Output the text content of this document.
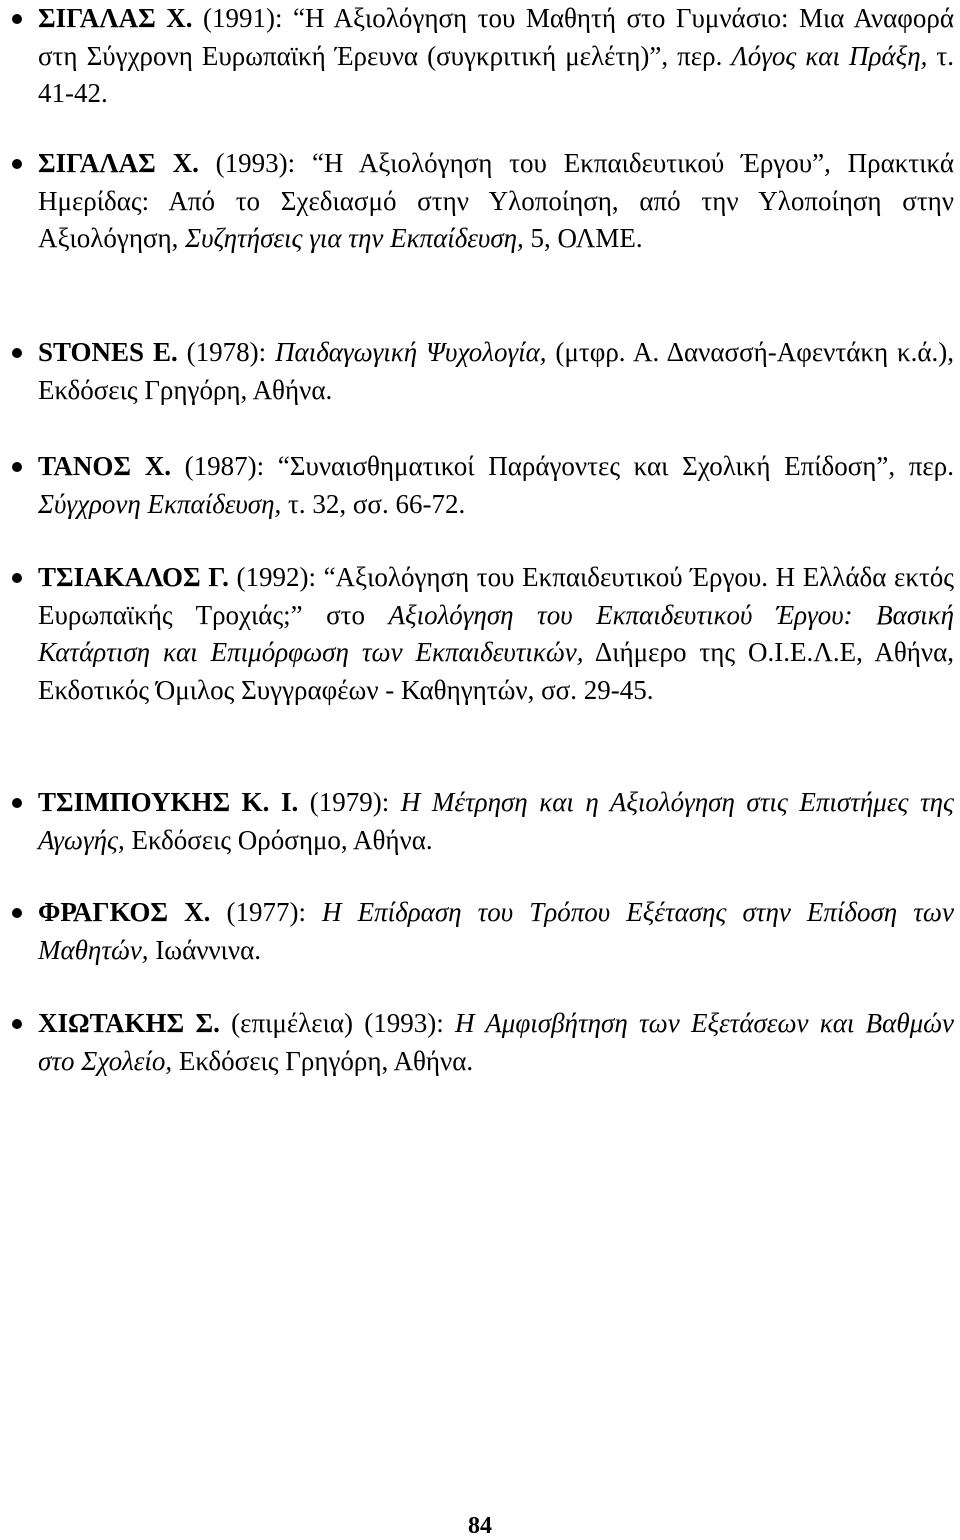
ΣΙΓΑΛΑΣ Χ. (1991): “Η Αξιολόγηση του Μαθητή στο Γυμνάσιο: Μια Αναφορά στη Σύγχρονη Ευρωπαϊκή Έρευνα (συγκριτική μελέτη)”, περ. Λόγος και Πράξη, τ. 41-42.
ΣΙΓΑΛΑΣ Χ. (1993): “Η Αξιολόγηση του Εκπαιδευτικού Έργου”, Πρακτικά Ημερίδας: Από το Σχεδιασμό στην Υλοποίηση, από την Υλοποίηση στην Αξιολόγηση, Συζητήσεις για την Εκπαίδευση, 5, ΟΛΜΕ.
STONES E. (1978): Παιδαγωγική Ψυχολογία, (μτφρ. Α. Δανασσή-Αφεντάκη κ.ά.), Εκδόσεις Γρηγόρη, Αθήνα.
ΤΑΝΟΣ Χ. (1987): “Συναισθηματικοί Παράγοντες και Σχολική Επίδοση”, περ. Σύγχρονη Εκπαίδευση, τ. 32, σσ. 66-72.
ΤΣΙΑΚΑΛΟΣ Γ. (1992): “Αξιολόγηση του Εκπαιδευτικού Έργου. Η Ελλάδα εκτός Ευρωπαϊκής Τροχιάς;” στο Αξιολόγηση του Εκπαιδευτικού Έργου: Βασική Κατάρτιση και Επιμόρφωση των Εκπαιδευτικών, Διήμερο της Ο.Ι.Ε.Λ.Ε, Αθήνα, Εκδοτικός Όμιλος Συγγραφέων - Καθηγητών, σσ. 29-45.
ΤΣΙΜΠΟΥΚΗΣ Κ. Ι. (1979): Η Μέτρηση και η Αξιολόγηση στις Επιστήμες της Αγωγής, Εκδόσεις Ορόσημο, Αθήνα.
ΦΡΑΓΚΟΣ Χ. (1977): Η Επίδραση του Τρόπου Εξέτασης στην Επίδοση των Μαθητών, Ιωάννινα.
ΧΙΩΤΑΚΗΣ Σ. (επιμέλεια) (1993): Η Αμφισβήτηση των Εξετάσεων και Βαθμών στο Σχολείο, Εκδόσεις Γρηγόρη, Αθήνα.
84
